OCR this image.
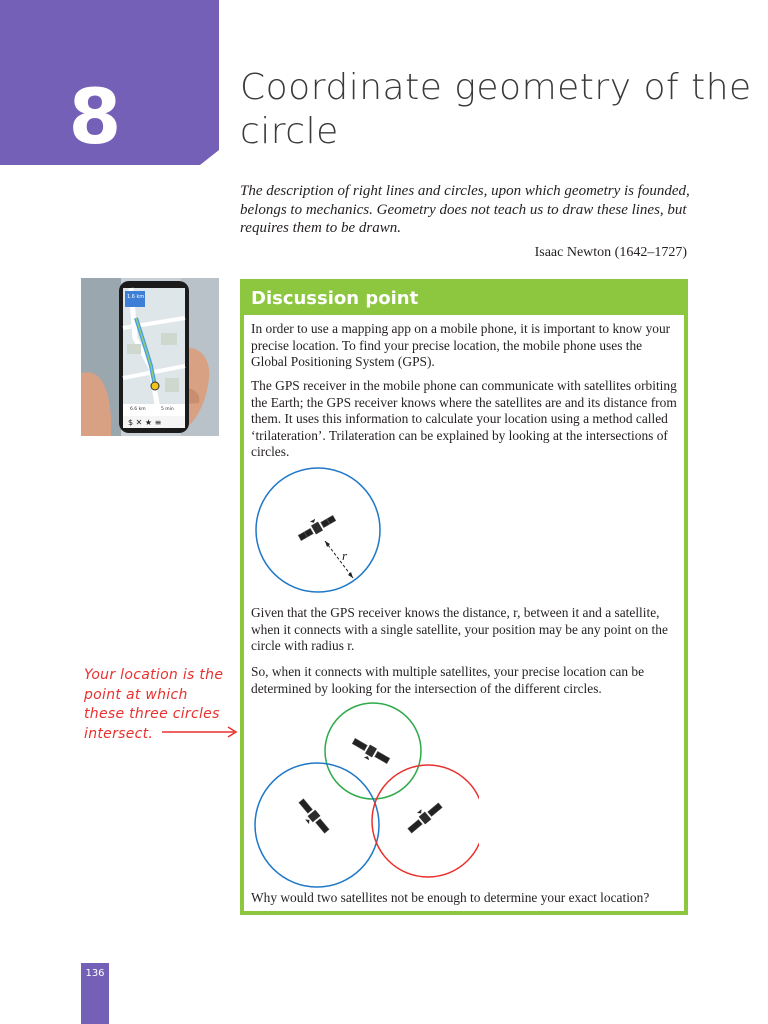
8	Coordinate geometry of the
circle
The description of right lines and circles, upon which geometry is founded, belongs to mechanics. Geometry does not teach us to draw these lines, but requires them to be drawn.
Isaac Newton (1642–1727)
1.6 km
6.6 km	5 min
$ ✕ ★ ≡
Discussion point

In order to use a mapping app on a mobile phone, it is important to know your precise location. To find your precise location, the mobile phone uses the Global Positioning System (GPS).

The GPS receiver in the mobile phone can communicate with satellites orbiting the Earth; the GPS receiver knows where the satellites are and its distance from them. It uses this information to calculate your location using a method called ‘trilateration’. Trilateration can be explained by looking at the intersections of circles.

r

Given that the GPS receiver knows the distance, r, between it and a satellite, when it connects with a single satellite, your position may be any point on the circle with radius r.

So, when it connects with multiple satellites, your precise location can be determined by looking for the intersection of the different circles.

Why would two satellites not be enough to determine your exact location?

Your location is the point at which these three circles intersect.
136
